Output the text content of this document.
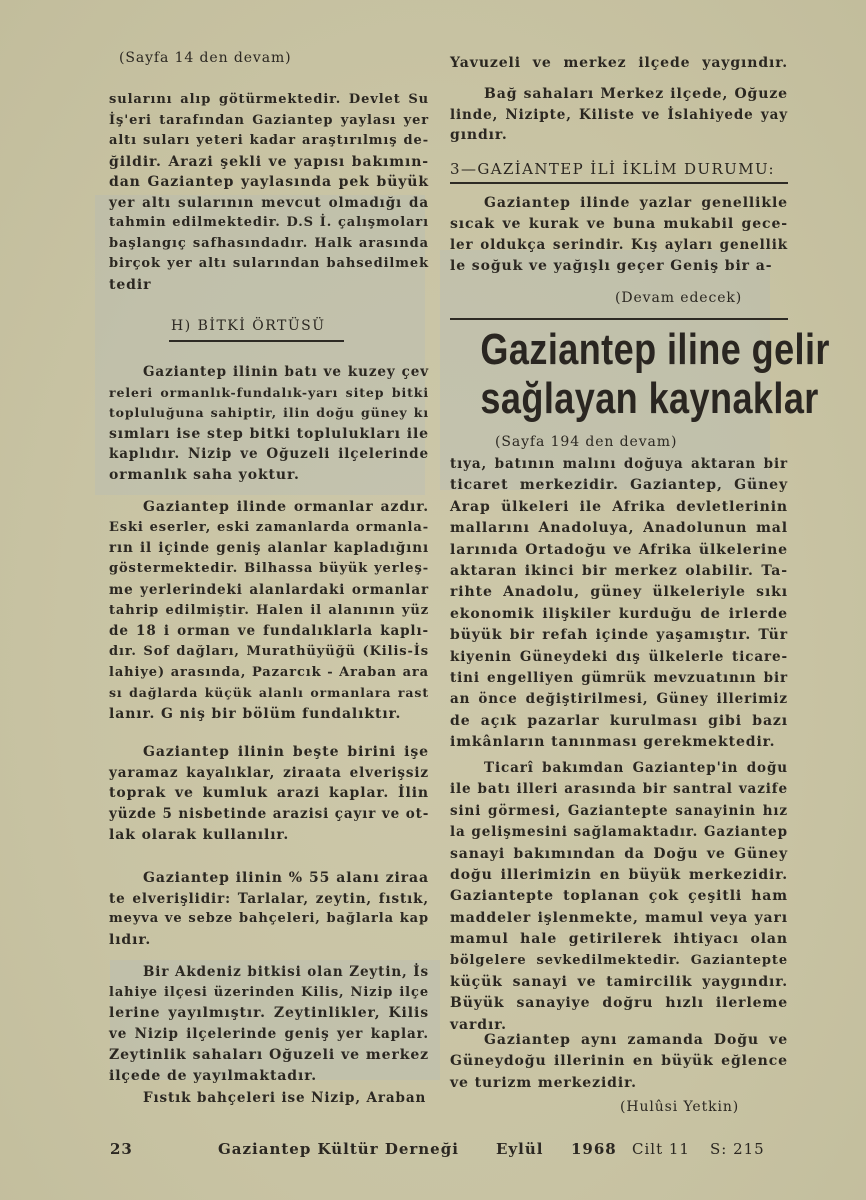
(Sayfa 14 den devam)
sularını alıp götürmektedir. Devlet Su
İş'eri tarafından Gaziantep yaylası yer
altı suları yeteri kadar araştırılmış de-
ğildir. Arazi şekli ve yapısı bakımın-
dan Gaziantep yaylasında pek büyük
yer altı sularının mevcut olmadığı da
tahmin edilmektedir. D.S İ. çalışmoları
başlangıç safhasındadır. Halk arasında
birçok yer altı sularından bahsedilmek
tedir
H) BİTKİ ÖRTÜSÜ
Gaziantep ilinin batı ve kuzey çev
releri ormanlık-fundalık-yarı sitep bitki
topluluğuna sahiptir, ilin doğu güney kı
sımları ise step bitki toplulukları ile
kaplıdır. Nizip ve Oğuzeli ilçelerinde
ormanlık saha yoktur.
Gaziantep ilinde ormanlar azdır.
Eski eserler, eski zamanlarda ormanla-
rın il içinde geniş alanlar kapladığını
göstermektedir. Bilhassa büyük yerleş-
me yerlerindeki alanlardaki ormanlar
tahrip edilmiştir. Halen il alanının yüz
de 18 i orman ve fundalıklarla kaplı-
dır. Sof dağları, Murathüyüğü (Kilis-İs
lahiye) arasında, Pazarcık - Araban ara
sı dağlarda küçük alanlı ormanlara rast
lanır. G niş bir bölüm fundalıktır.
Gaziantep ilinin beşte birini işe
yaramaz kayalıklar, ziraata elverişsiz
toprak ve kumluk arazi kaplar. İlin
yüzde 5 nisbetinde arazisi çayır ve ot-
lak olarak kullanılır.
Gaziantep ilinin % 55 alanı ziraa
te elverişlidir: Tarlalar, zeytin, fıstık,
meyva ve sebze bahçeleri, bağlarla kap
lıdır.
Bir Akdeniz bitkisi olan Zeytin, İs
lahiye ilçesi üzerinden Kilis, Nizip ilçe
lerine yayılmıştır. Zeytinlikler, Kilis
ve Nizip ilçelerinde geniş yer kaplar.
Zeytinlik sahaları Oğuzeli ve merkez
ilçede de yayılmaktadır.
Fıstık bahçeleri ise Nizip, Araban
Yavuzeli ve merkez ilçede yaygındır.
Bağ sahaları Merkez ilçede, Oğuze
linde, Nizipte, Kiliste ve İslahiyede yay
gındır.
3—GAZİANTEP İLİ İKLİM DURUMU:
Gaziantep ilinde yazlar genellikle
sıcak ve kurak ve buna mukabil gece-
ler oldukça serindir. Kış ayları genellik
le soğuk ve yağışlı geçer Geniş bir a-
(Devam edecek)
Gaziantep iline gelir
sağlayan kaynaklar
(Sayfa 194 den devam)
tıya, batının malını doğuya aktaran bir
ticaret merkezidir. Gaziantep, Güney
Arap ülkeleri ile Afrika devletlerinin
mallarını Anadoluya, Anadolunun mal
larınıda Ortadoğu ve Afrika ülkelerine
aktaran ikinci bir merkez olabilir. Ta-
rihte Anadolu, güney ülkeleriyle sıkı
ekonomik ilişkiler kurduğu de irlerde
büyük bir refah içinde yaşamıştır. Tür
kiyenin Güneydeki dış ülkelerle ticare-
tini engelliyen gümrük mevzuatının bir
an önce değiştirilmesi, Güney illerimiz
de açık pazarlar kurulması gibi bazı
imkânların tanınması gerekmektedir.
Ticarî bakımdan Gaziantep'in doğu
ile batı illeri arasında bir santral vazife
sini görmesi, Gaziantepte sanayinin hız
la gelişmesini sağlamaktadır. Gaziantep
sanayi bakımından da Doğu ve Güney
doğu illerimizin en büyük merkezidir.
Gaziantepte toplanan çok çeşitli ham
maddeler işlenmekte, mamul veya yarı
mamul hale getirilerek ihtiyacı olan
bölgelere sevkedilmektedir. Gaziantepte
küçük sanayi ve tamircilik yaygındır.
Büyük sanayiye doğru hızlı ilerleme
vardır.
Gaziantep aynı zamanda Doğu ve
Güneydoğu illerinin en büyük eğlence
ve turizm merkezidir.
(Hulûsi Yetkin)
23	Gaziantep Kültür Derneği Eylül 1968 Cilt 11 S: 215
